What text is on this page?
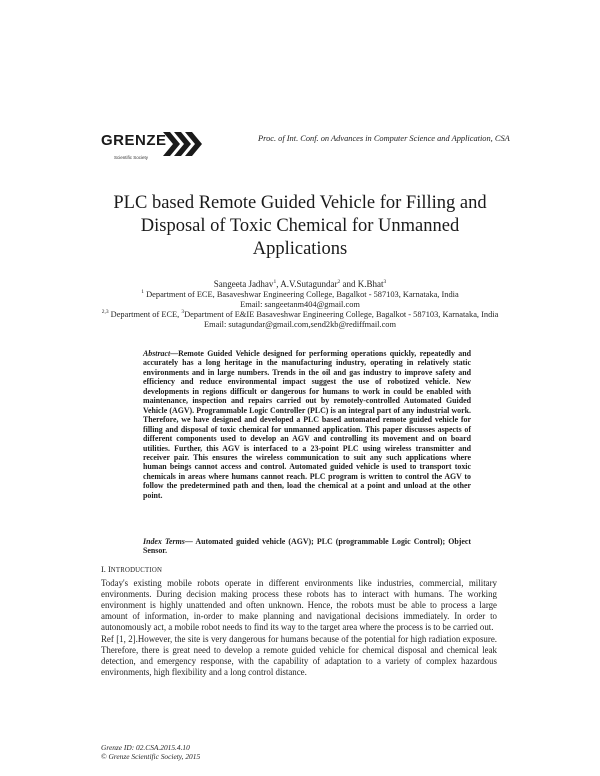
GRENZE
Scientific Society
Proc. of Int. Conf. on Advances in Computer Science and Application, CSA
PLC based Remote Guided Vehicle for Filling and
Disposal of Toxic Chemical for Unmanned
Applications
Sangeeta Jadhav$^1$, A.V.Sutagundar$^2$ and K.Bhat$^3$
$^1$ Department of ECE, Basaveshwar Engineering College, Bagalkot - 587103, Karnataka, India
Email: sangeetanm404@gmail.com
$^{2,3}$ Department of ECE, $^3$Department of E&IE Basaveshwar Engineering College, Bagalkot - 587103, Karnataka, India
Email: sutagundar@gmail.com,send2kb@rediffmail.com
Abstract—Remote Guided Vehicle designed for performing operations quickly, repeatedly and accurately has a long heritage in the manufacturing industry, operating in relatively static environments and in large numbers. Trends in the oil and gas industry to improve safety and efficiency and reduce environmental impact suggest the use of robotized vehicle. New developments in regions difficult or dangerous for humans to work in could be enabled with maintenance, inspection and repairs carried out by remotely-controlled Automated Guided Vehicle (AGV). Programmable Logic Controller (PLC) is an integral part of any industrial work. Therefore, we have designed and developed a PLC based automated remote guided vehicle for filling and disposal of toxic chemical for unmanned application. This paper discusses aspects of different components used to develop an AGV and controlling its movement and on board utilities. Further, this AGV is interfaced to a 23-point PLC using wireless transmitter and receiver pair. This ensures the wireless communication to suit any such applications where human beings cannot access and control. Automated guided vehicle is used to transport toxic chemicals in areas where humans cannot reach. PLC program is written to control the AGV to follow the predetermined path and then, load the chemical at a point and unload at the other point.
Index Terms— Automated guided vehicle (AGV); PLC (programmable Logic Control); Object Sensor.
I. INTRODUCTION
Today's existing mobile robots operate in different environments like industries, commercial, military environments. During decision making process these robots has to interact with humans. The working environment is highly unattended and often unknown. Hence, the robots must be able to process a large amount of information, in-order to make planning and navigational decisions immediately. In order to autonomously act, a mobile robot needs to find its way to the target area where the process is to be carried out.
Ref [1, 2].However, the site is very dangerous for humans because of the potential for high radiation exposure. Therefore, there is great need to develop a remote guided vehicle for chemical disposal and chemical leak detection, and emergency response, with the capability of adaptation to a variety of complex hazardous environments, high flexibility and a long control distance.
Grenze ID: 02.CSA.2015.4.10
© Grenze Scientific Society, 2015
